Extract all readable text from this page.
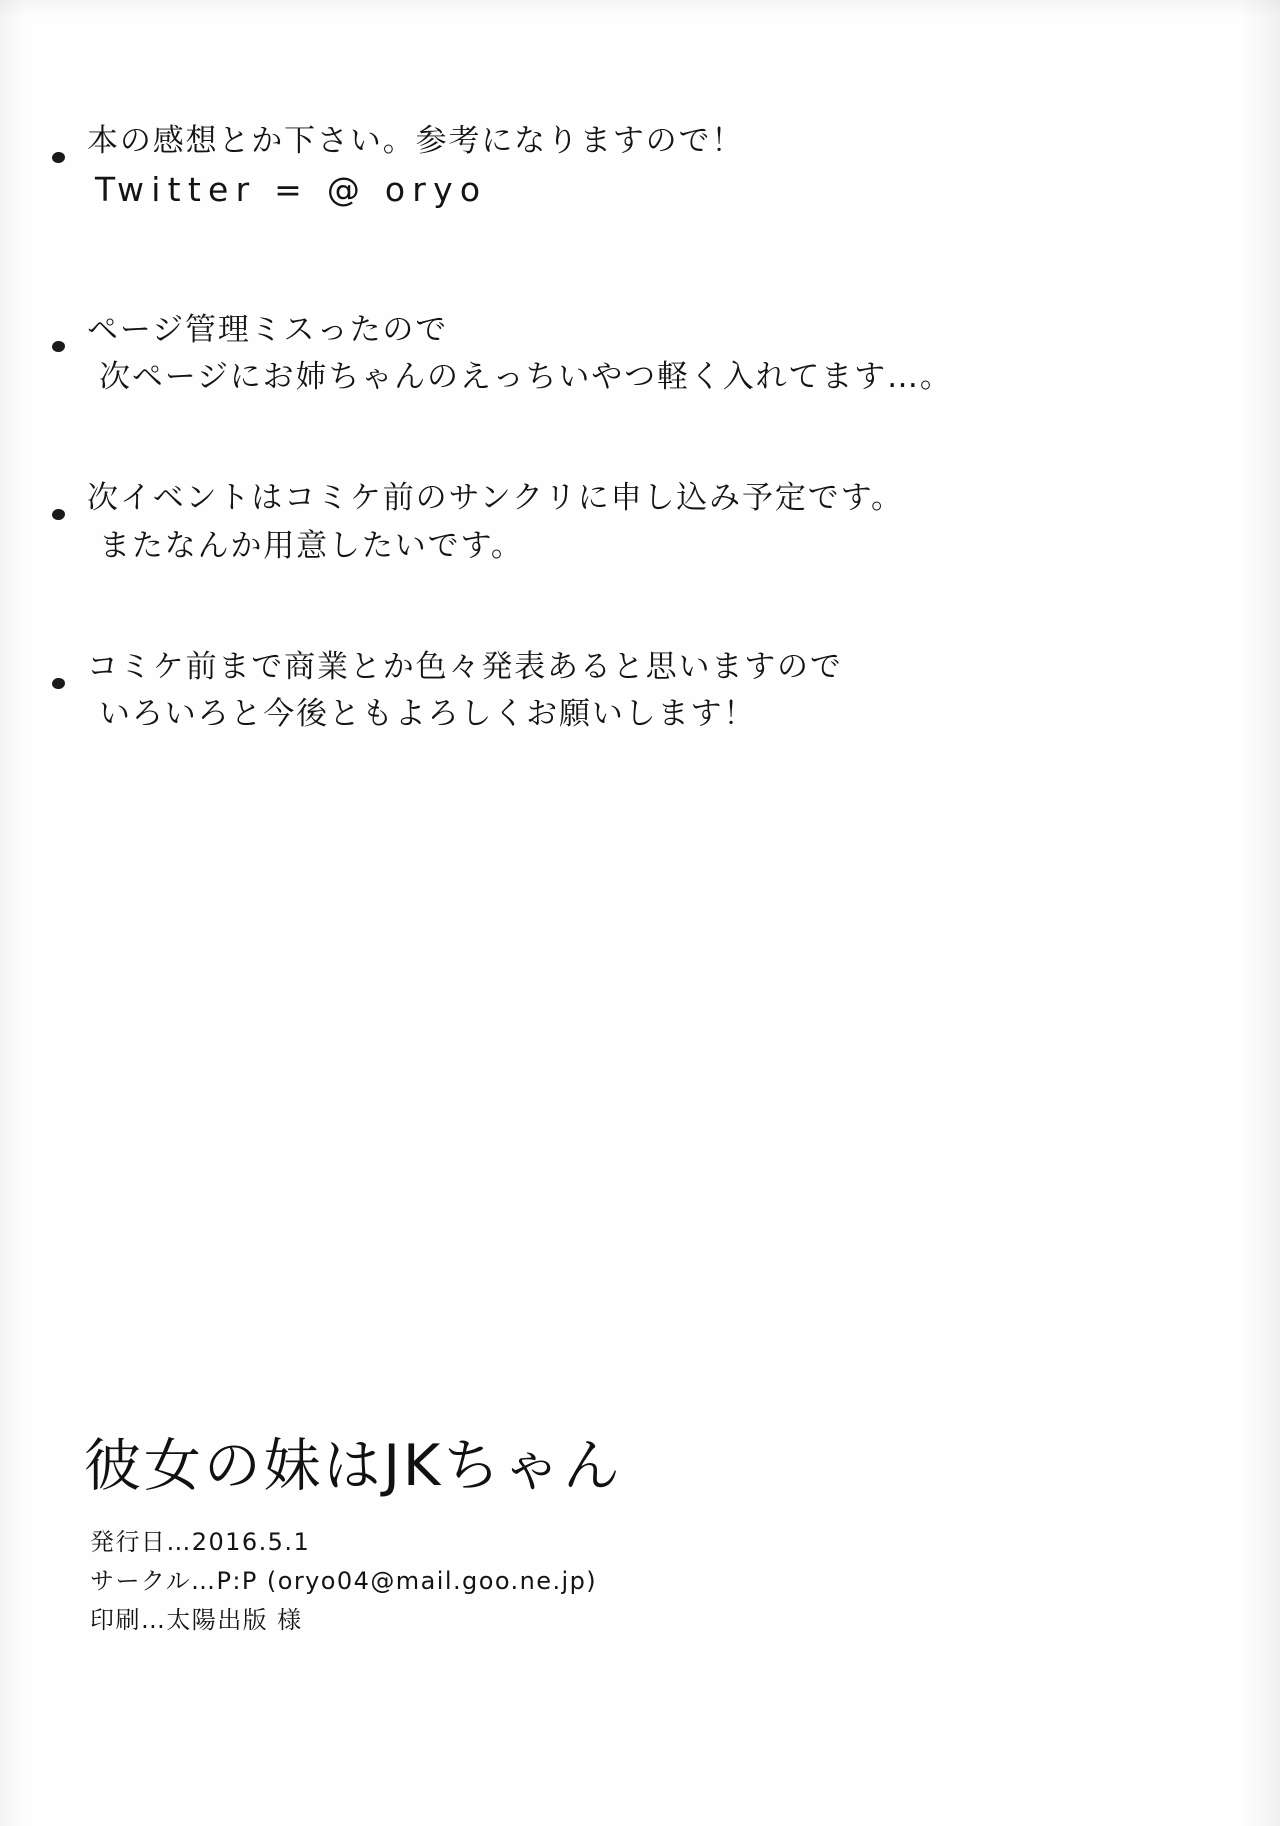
本の感想とか下さい。参考になりますので！
Twitter = @ oryo
ページ管理ミスったので
次ページにお姉ちゃんのえっちいやつ軽く入れてます…。
次イベントはコミケ前のサンクリに申し込み予定です。
またなんか用意したいです。
コミケ前まで商業とか色々発表あると思いますので
いろいろと今後ともよろしくお願いします！
彼女の妹はJKちゃん
発行日… 2016.5.1
サークル… P:P (oryo04@mail.goo.ne.jp)
印刷… 太陽出版 様
